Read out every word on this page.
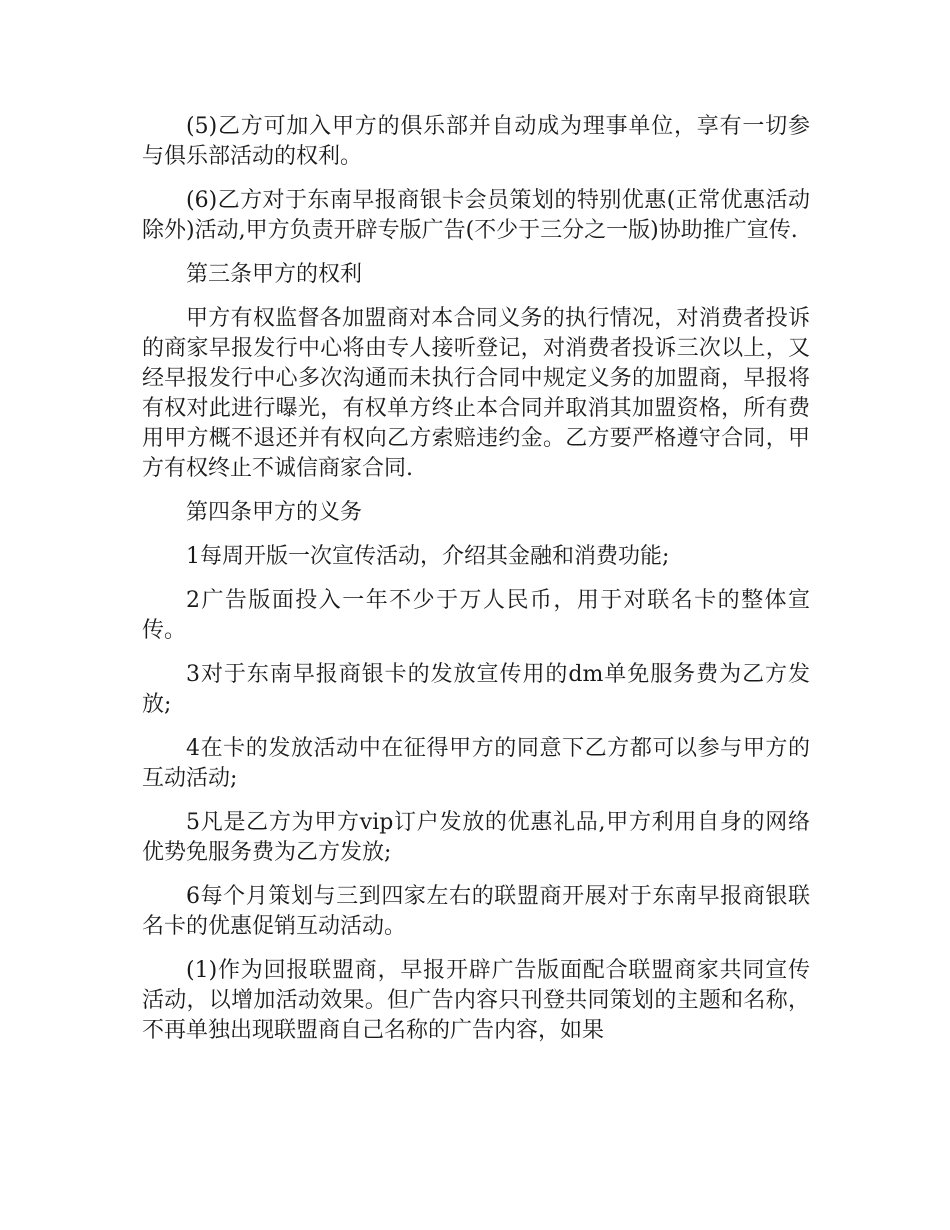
(5)乙方可加入甲方的俱乐部并自动成为理事单位，享有一切参与俱乐部活动的权利。

(6)乙方对于东南早报商银卡会员策划的特别优惠(正常优惠活动除外)活动,甲方负责开辟专版广告(不少于三分之一版)协助推广宣传.

第三条甲方的权利

甲方有权监督各加盟商对本合同义务的执行情况，对消费者投诉的商家早报发行中心将由专人接听登记，对消费者投诉三次以上，又经早报发行中心多次沟通而未执行合同中规定义务的加盟商，早报将有权对此进行曝光，有权单方终止本合同并取消其加盟资格，所有费用甲方概不退还并有权向乙方索赔违约金。乙方要严格遵守合同，甲方有权终止不诚信商家合同.

第四条甲方的义务

1每周开版一次宣传活动，介绍其金融和消费功能;

2广告版面投入一年不少于万人民币，用于对联名卡的整体宣传。

3对于东南早报商银卡的发放宣传用的dm单免服务费为乙方发放;

4在卡的发放活动中在征得甲方的同意下乙方都可以参与甲方的互动活动;

5凡是乙方为甲方vip订户发放的优惠礼品,甲方利用自身的网络优势免服务费为乙方发放;

6每个月策划与三到四家左右的联盟商开展对于东南早报商银联名卡的优惠促销互动活动。

(1)作为回报联盟商，早报开辟广告版面配合联盟商家共同宣传活动，以增加活动效果。但广告内容只刊登共同策划的主题和名称，不再单独出现联盟商自己名称的广告内容，如果
